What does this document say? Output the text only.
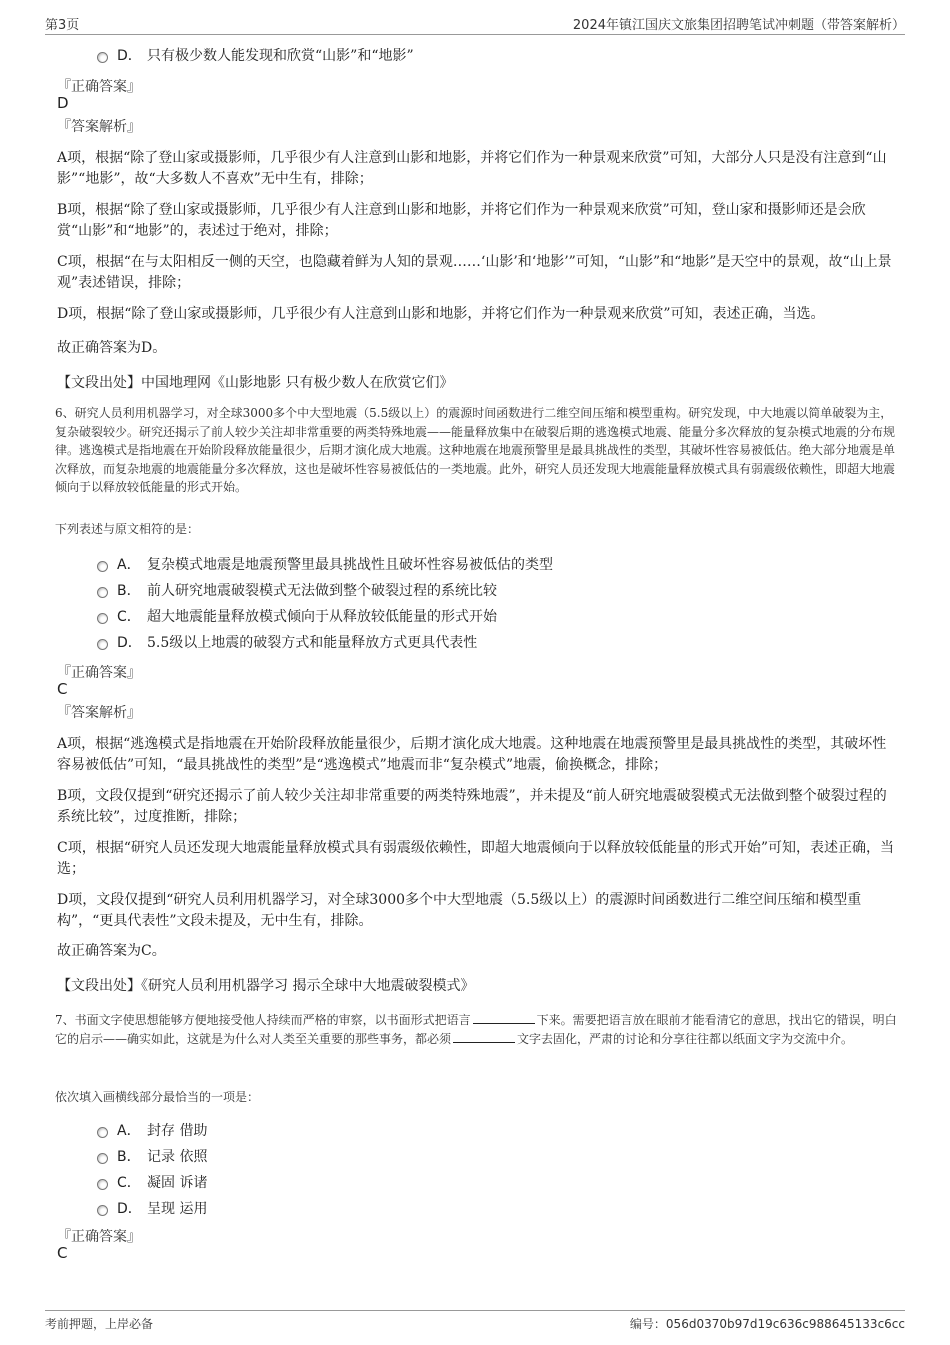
第3页	2024年镇江国庆文旅集团招聘笔试冲刺题（带答案解析）
D． 只有极少数人能发现和欣赏“山影”和“地影”
『正确答案』
D
『答案解析』
A项，根据“除了登山家或摄影师，几乎很少有人注意到山影和地影，并将它们作为一种景观来欣赏”可知，大部分人只是没有注意到“山影”“地影”，故“大多数人不喜欢”无中生有，排除；
B项，根据“除了登山家或摄影师，几乎很少有人注意到山影和地影，并将它们作为一种景观来欣赏”可知，登山家和摄影师还是会欣赏“山影”和“地影”的，表述过于绝对，排除；
C项，根据“在与太阳相反一侧的天空，也隐藏着鲜为人知的景观……‘山影’和‘地影’”可知，“山影”和“地影”是天空中的景观，故“山上景观”表述错误，排除；
D项，根据“除了登山家或摄影师，几乎很少有人注意到山影和地影，并将它们作为一种景观来欣赏”可知，表述正确，当选。
故正确答案为D。
【文段出处】中国地理网《山影地影 只有极少数人在欣赏它们》
6、研究人员利用机器学习，对全球3000多个中大型地震（5.5级以上）的震源时间函数进行二维空间压缩和模型重构。研究发现，中大地震以简单破裂为主，复杂破裂较少。研究还揭示了前人较少关注却非常重要的两类特殊地震——能量释放集中在破裂后期的逃逸模式地震、能量分多次释放的复杂模式地震的分布规律。逃逸模式是指地震在开始阶段释放能量很少，后期才演化成大地震。这种地震在地震预警里是最具挑战性的类型，其破坏性容易被低估。绝大部分地震是单次释放，而复杂地震的地震能量分多次释放，这也是破坏性容易被低估的一类地震。此外，研究人员还发现大地震能量释放模式具有弱震级依赖性，即超大地震倾向于以释放较低能量的形式开始。
下列表述与原文相符的是：
A． 复杂模式地震是地震预警里最具挑战性且破坏性容易被低估的类型
B． 前人研究地震破裂模式无法做到整个破裂过程的系统比较
C． 超大地震能量释放模式倾向于从释放较低能量的形式开始
D． 5.5级以上地震的破裂方式和能量释放方式更具代表性
『正确答案』
C
『答案解析』
A项，根据“逃逸模式是指地震在开始阶段释放能量很少，后期才演化成大地震。这种地震在地震预警里是最具挑战性的类型，其破坏性容易被低估”可知，“最具挑战性的类型”是“逃逸模式”地震而非“复杂模式”地震，偷换概念，排除；
B项，文段仅提到“研究还揭示了前人较少关注却非常重要的两类特殊地震”，并未提及“前人研究地震破裂模式无法做到整个破裂过程的系统比较”，过度推断，排除；
C项，根据“研究人员还发现大地震能量释放模式具有弱震级依赖性，即超大地震倾向于以释放较低能量的形式开始”可知，表述正确，当选；
D项，文段仅提到“研究人员利用机器学习，对全球3000多个中大型地震（5.5级以上）的震源时间函数进行二维空间压缩和模型重构”，“更具代表性”文段未提及，无中生有，排除。
故正确答案为C。
【文段出处】《研究人员利用机器学习 揭示全球中大地震破裂模式》
7、书面文字使思想能够方便地接受他人持续而严格的审察，以书面形式把语言	下来。需要把语言放在眼前才能看清它的意思，找出它的错误，明白它的启示——确实如此，这就是为什么对人类至关重要的那些事务，都必须	文字去固化，严肃的讨论和分享往往都以纸面文字为交流中介。
依次填入画横线部分最恰当的一项是：
A． 封存 借助
B． 记录 依照
C． 凝固 诉诸
D． 呈现 运用
『正确答案』
C
考前押题，上岸必备	编号：056d0370b97d19c636c988645133c6cc
